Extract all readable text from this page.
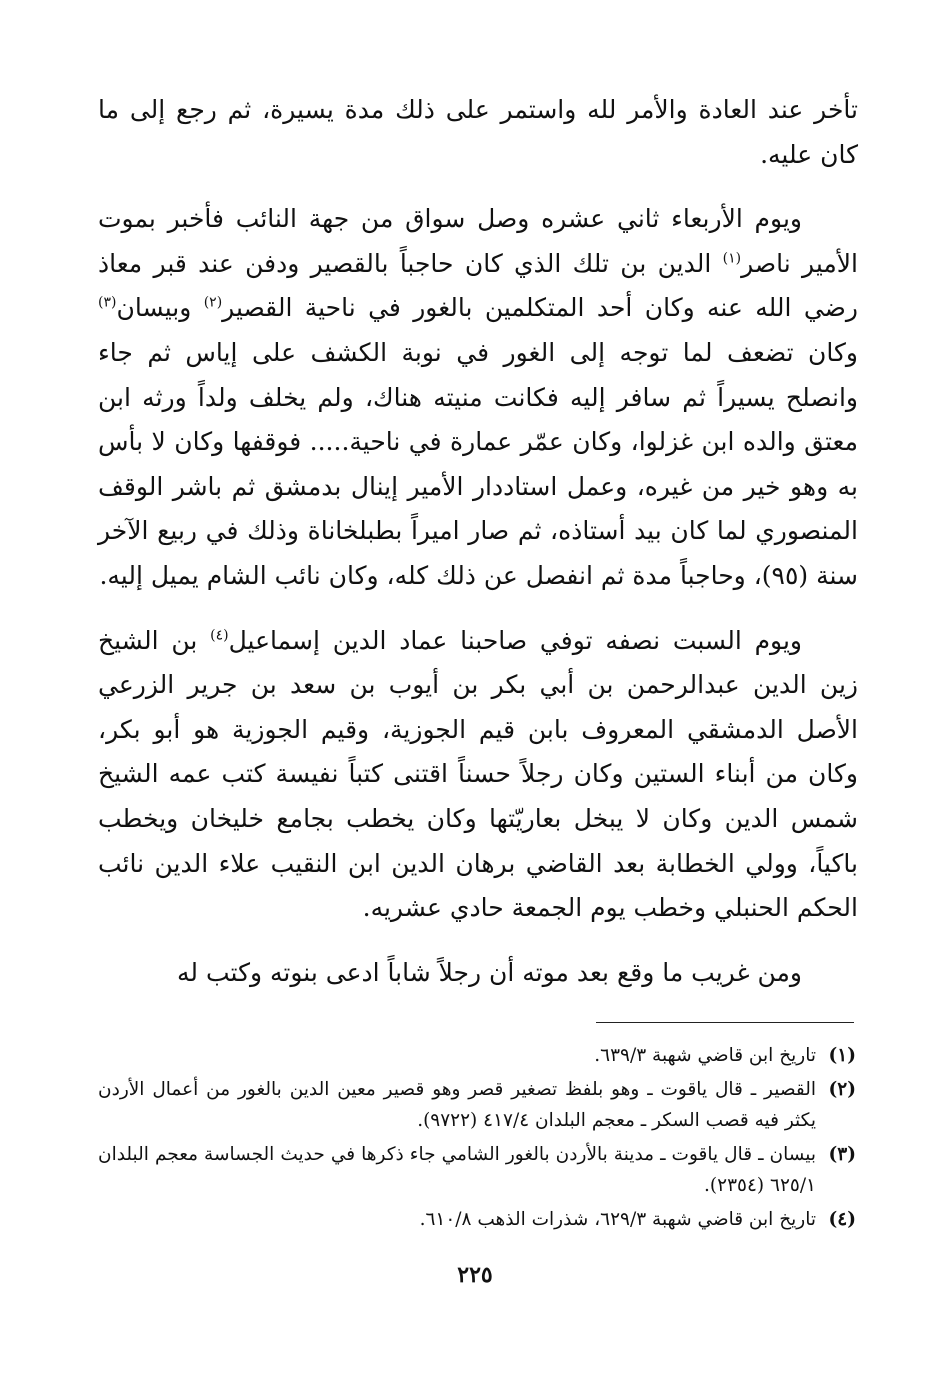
تأخر عند العادة والأمر لله واستمر على ذلك مدة يسيرة، ثم رجع إلى ما كان عليه.

ويوم الأربعاء ثاني عشره وصل سواق من جهة النائب فأخبر بموت الأمير ناصر$^{(١)}$ الدين بن تلك الذي كان حاجباً بالقصير ودفن عند قبر معاذ رضي الله عنه وكان أحد المتكلمين بالغور في ناحية القصير$^{(٢)}$ وبيسان$^{(٣)}$ وكان تضعف لما توجه إلى الغور في نوبة الكشف على إياس ثم جاء وانصلح يسيراً ثم سافر إليه فكانت منيته هناك، ولم يخلف ولداً ورثه ابن معتق والده ابن غزلوا، وكان عمّر عمارة في ناحية..... فوقفها وكان لا بأس به وهو خير من غيره، وعمل استاددار الأمير إينال بدمشق ثم باشر الوقف المنصوري لما كان بيد أستاذه، ثم صار اميراً بطبلخاناة وذلك في ربيع الآخر سنة (٩٥)، وحاجباً مدة ثم انفصل عن ذلك كله، وكان نائب الشام يميل إليه.

ويوم السبت نصفه توفي صاحبنا عماد الدين إسماعيل$^{(٤)}$ بن الشيخ زين الدين عبدالرحمن بن أبي بكر بن أيوب بن سعد بن جرير الزرعي الأصل الدمشقي المعروف بابن قيم الجوزية، وقيم الجوزية هو أبو بكر، وكان من أبناء الستين وكان رجلاً حسناً اقتنى كتباً نفيسة كتب عمه الشيخ شمس الدين وكان لا يبخل بعاريّتها وكان يخطب بجامع خليخان ويخطب باكياً، وولي الخطابة بعد القاضي برهان الدين ابن النقيب علاء الدين نائب الحكم الحنبلي وخطب يوم الجمعة حادي عشريه.

ومن غريب ما وقع بعد موته أن رجلاً شاباً ادعى بنوته وكتب له

(١)
تاريخ ابن قاضي شهبة ٦٣٩/٣.
(٢)
القصير ـ قال ياقوت ـ وهو بلفظ تصغير قصر وهو قصير معين الدين بالغور من أعمال الأردن يكثر فيه قصب السكر ـ معجم البلدان ٤١٧/٤ (٩٧٢٢).
(٣)
بيسان ـ قال ياقوت ـ مدينة بالأردن بالغور الشامي جاء ذكرها في حديث الجساسة معجم البلدان ٦٢٥/١ (٢٣٥٤).
(٤)
تاريخ ابن قاضي شهبة ٦٢٩/٣، شذرات الذهب ٦١٠/٨.
٢٢٥
